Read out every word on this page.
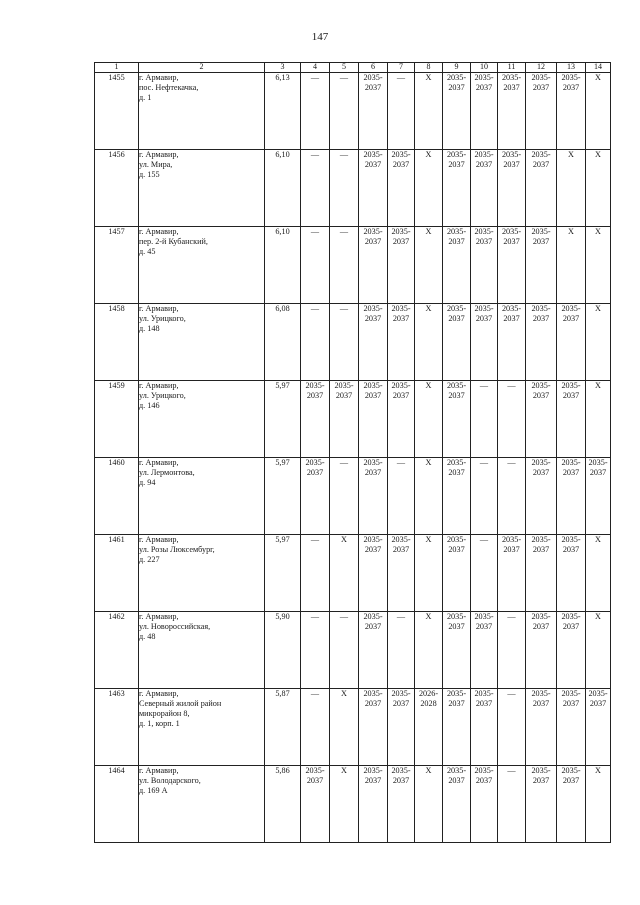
147
1	2	3	4	5	6	7	8	9	10	11	12	13	14
1455	г. Армавир,
пос. Нефтекачка,
д. 1	6,13	—	—	2035-
2037	—	Х	2035-
2037	2035-
2037	2035-
2037	2035-
2037	2035-
2037	Х

1456	г. Армавир,
ул. Мира,
д. 155	6,10	—	—	2035-
2037	2035-
2037	Х	2035-
2037	2035-
2037	2035-
2037	2035-
2037	Х	Х

1457	г. Армавир,
пер. 2-й Кубанский,
д. 45	6,10	—	—	2035-
2037	2035-
2037	Х	2035-
2037	2035-
2037	2035-
2037	2035-
2037	Х	Х

1458	г. Армавир,
ул. Урицкого,
д. 148	6,08	—	—	2035-
2037	2035-
2037	Х	2035-
2037	2035-
2037	2035-
2037	2035-
2037	2035-
2037	Х

1459	г. Армавир,
ул. Урицкого,
д. 146	5,97	2035-
2037	2035-
2037	2035-
2037	2035-
2037	Х	2035-
2037	—	—	2035-
2037	2035-
2037	Х

1460	г. Армавир,
ул. Лермонтова,
д. 94	5,97	2035-
2037	—	2035-
2037	—	Х	2035-
2037	—	—	2035-
2037	2035-
2037	2035-
2037

1461	г. Армавир,
ул. Розы Люксембург,
д. 227	5,97	—	Х	2035-
2037	2035-
2037	Х	2035-
2037	—	2035-
2037	2035-
2037	2035-
2037	Х

1462	г. Армавир,
ул. Новороссийская,
д. 48	5,90	—	—	2035-
2037	—	Х	2035-
2037	2035-
2037	—	2035-
2037	2035-
2037	Х

1463	г. Армавир,
Северный жилой район
микрорайон 8,
д. 1, корп. 1	5,87	—	Х	2035-
2037	2035-
2037	2026-
2028	2035-
2037	2035-
2037	—	2035-
2037	2035-
2037	2035-
2037

1464	г. Армавир,
ул. Володарского,
д. 169 А	5,86	2035-
2037	Х	2035-
2037	2035-
2037	Х	2035-
2037	2035-
2037	—	2035-
2037	2035-
2037	Х
